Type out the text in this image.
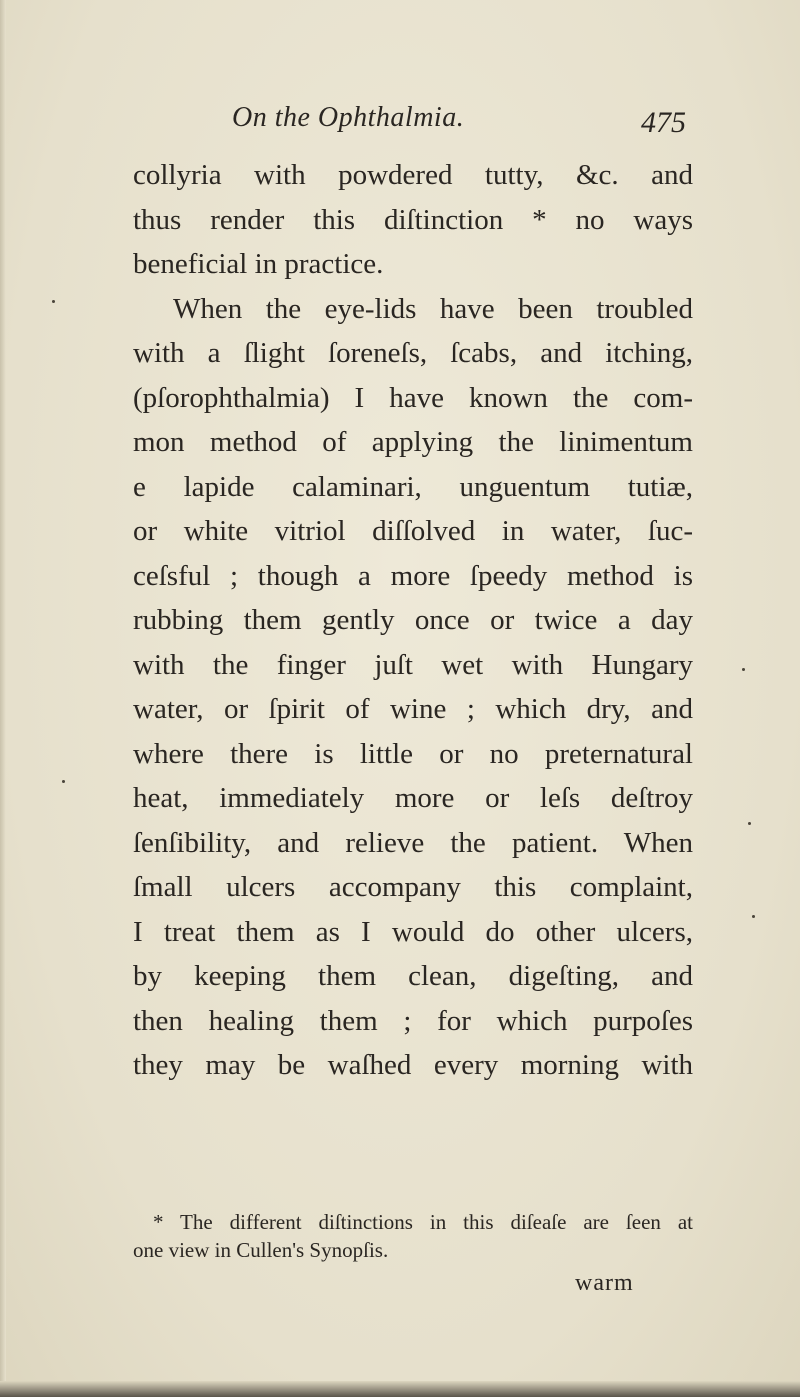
On the Ophthalmia.	475
collyria with powdered tutty, &c. and
thus render this diſtinction * no ways
beneficial in practice.
When the eye-lids have been troubled
with a ſlight ſoreneſs, ſcabs, and itching,
(pſorophthalmia) I have known the com-
mon method of applying the linimentum
e lapide calaminari, unguentum tutiæ,
or white vitriol diſſolved in water, ſuc-
ceſsful ; though a more ſpeedy method is
rubbing them gently once or twice a day
with the finger juſt wet with Hungary
water, or ſpirit of wine ; which dry, and
where there is little or no preternatural
heat, immediately more or leſs deſtroy
ſenſibility, and relieve the patient. When
ſmall ulcers accompany this complaint,
I treat them as I would do other ulcers,
by keeping them clean, digeſting, and
then healing them ; for which purpoſes
they may be waſhed every morning with
* The different diſtinctions in this diſeaſe are ſeen at
one view in Cullen's Synopſis.
warm
